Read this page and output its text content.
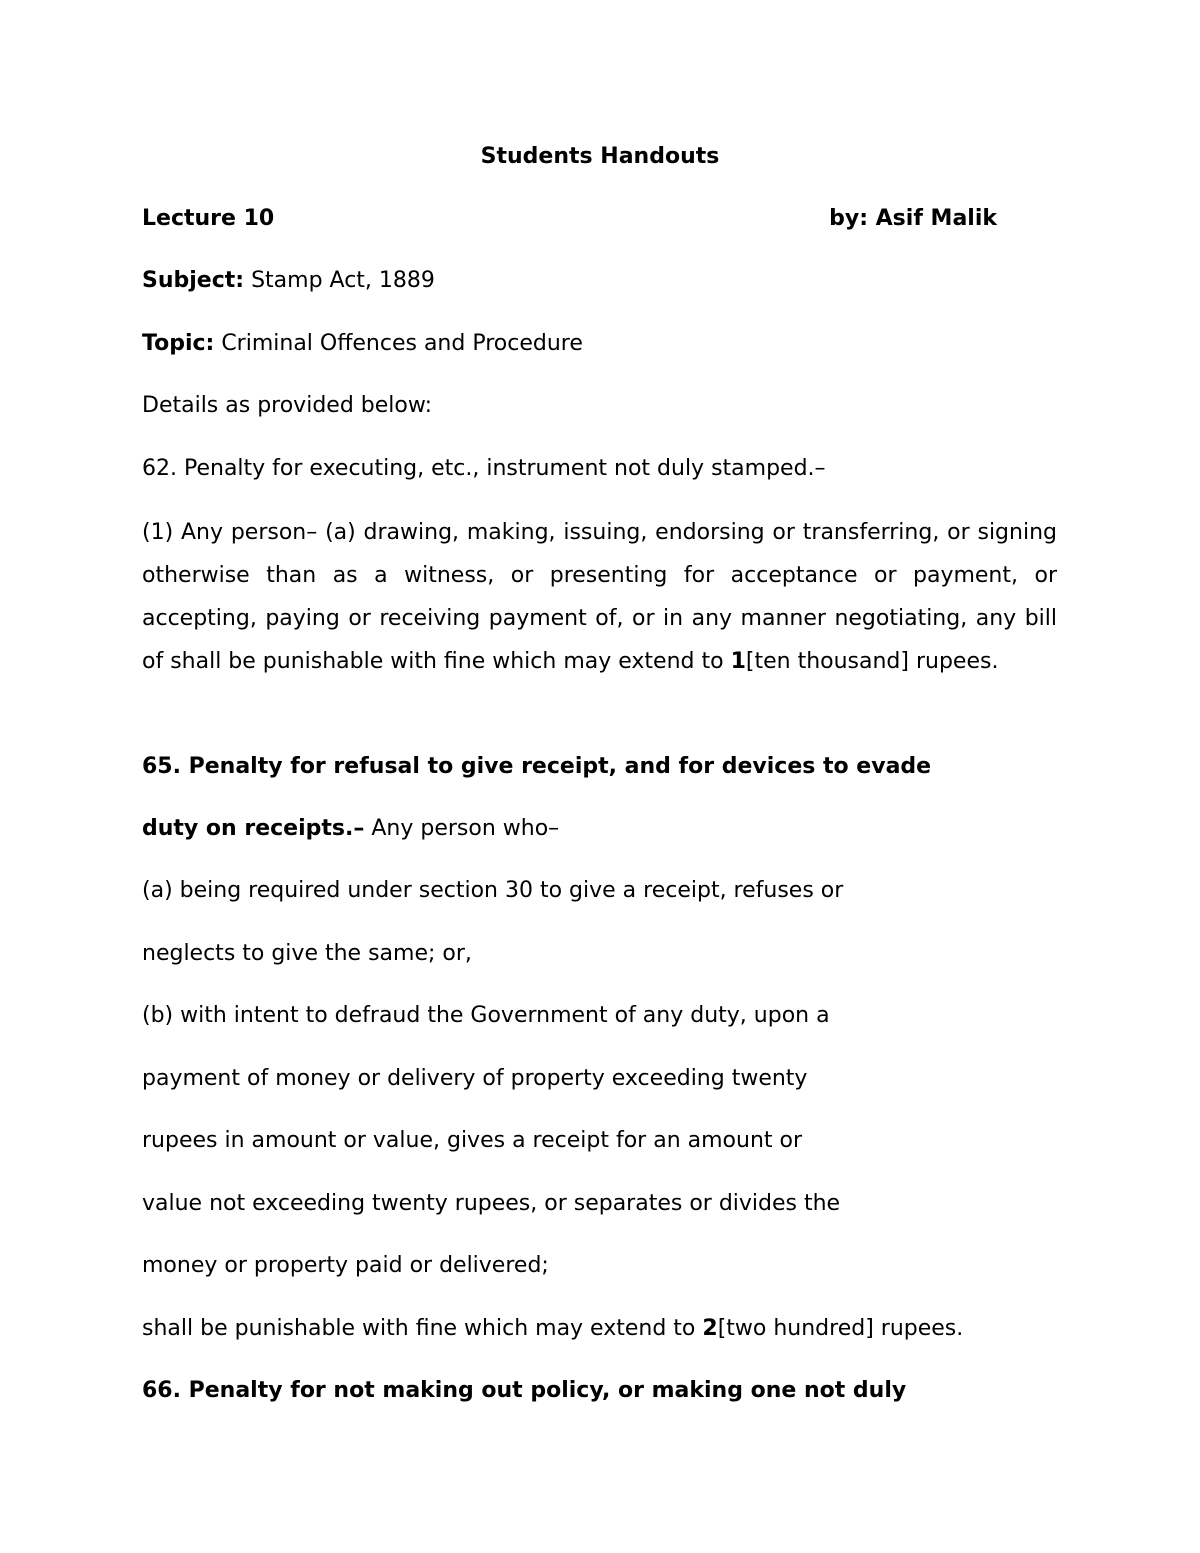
Students Handouts
Lecture 10	by: Asif Malik
Subject: Stamp Act, 1889
Topic: Criminal Offences and Procedure
Details as provided below:
62. Penalty for executing, etc., instrument not duly stamped.–
(1) Any person– (a) drawing, making, issuing, endorsing or transferring, or signing otherwise than as a witness, or presenting for acceptance or payment, or accepting, paying or receiving payment of, or in any manner negotiating, any bill of shall be punishable with fine which may extend to 1[ten thousand] rupees.
65. Penalty for refusal to give receipt, and for devices to evade
duty on receipts.– Any person who–
(a) being required under section 30 to give a receipt, refuses or
neglects to give the same; or,
(b) with intent to defraud the Government of any duty, upon a
payment of money or delivery of property exceeding twenty
rupees in amount or value, gives a receipt for an amount or
value not exceeding twenty rupees, or separates or divides the
money or property paid or delivered;
shall be punishable with fine which may extend to 2[two hundred] rupees.
66. Penalty for not making out policy, or making one not duly
